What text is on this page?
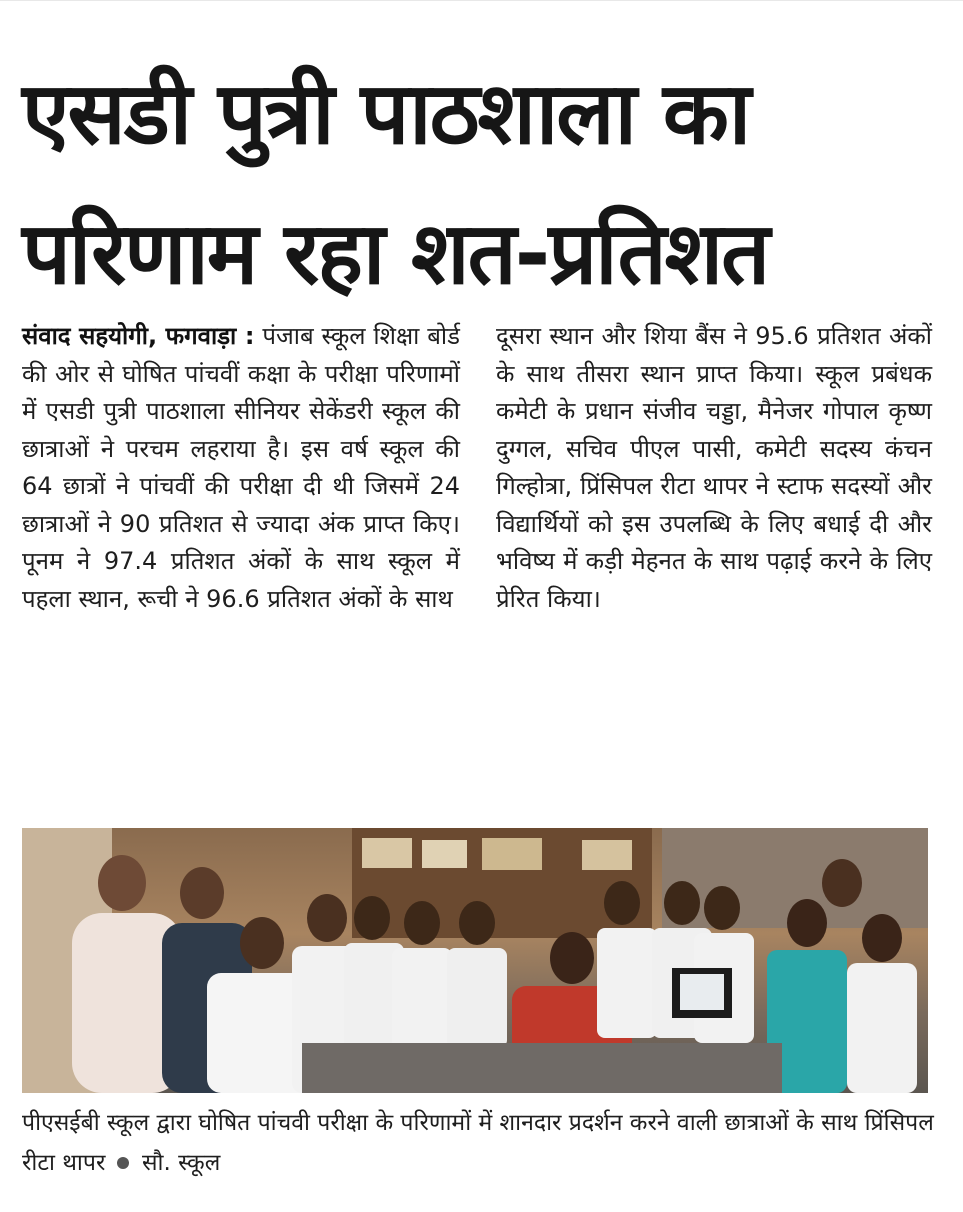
एसडी पुत्री पाठशाला का
परिणाम रहा शत-प्रतिशत
संवाद सहयोगी, फगवाड़ा : पंजाब स्कूल शिक्षा बोर्ड की ओर से घोषित पांचवीं कक्षा के परीक्षा परिणामों में एसडी पुत्री पाठशाला सीनियर सेकेंडरी स्कूल की छात्राओं ने परचम लहराया है। इस वर्ष स्कूल की 64 छात्रों ने पांचवीं की परीक्षा दी थी जिसमें 24 छात्राओं ने 90 प्रतिशत से ज्यादा अंक प्राप्त किए। पूनम ने 97.4 प्रतिशत अंकों के साथ स्कूल में पहला स्थान, रूची ने 96.6 प्रतिशत अंकों के साथ
दूसरा स्थान और शिया बैंस ने 95.6 प्रतिशत अंकों के साथ तीसरा स्थान प्राप्त किया। स्कूल प्रबंधक कमेटी के प्रधान संजीव चड्डा, मैनेजर गोपाल कृष्ण दुग्गल, सचिव पीएल पासी, कमेटी सदस्य कंचन गिल्होत्रा, प्रिंसिपल रीटा थापर ने स्टाफ सदस्यों और विद्यार्थियों को इस उपलब्धि के लिए बधाई दी और भविष्य में कड़ी मेहनत के साथ पढ़ाई करने के लिए प्रेरित किया।
पीएसईबी स्कूल द्वारा घोषित पांचवी परीक्षा के परिणामों में शानदार प्रदर्शन करने वाली छात्राओं के साथ प्रिंसिपल रीटा थापर सौ. स्कूल
